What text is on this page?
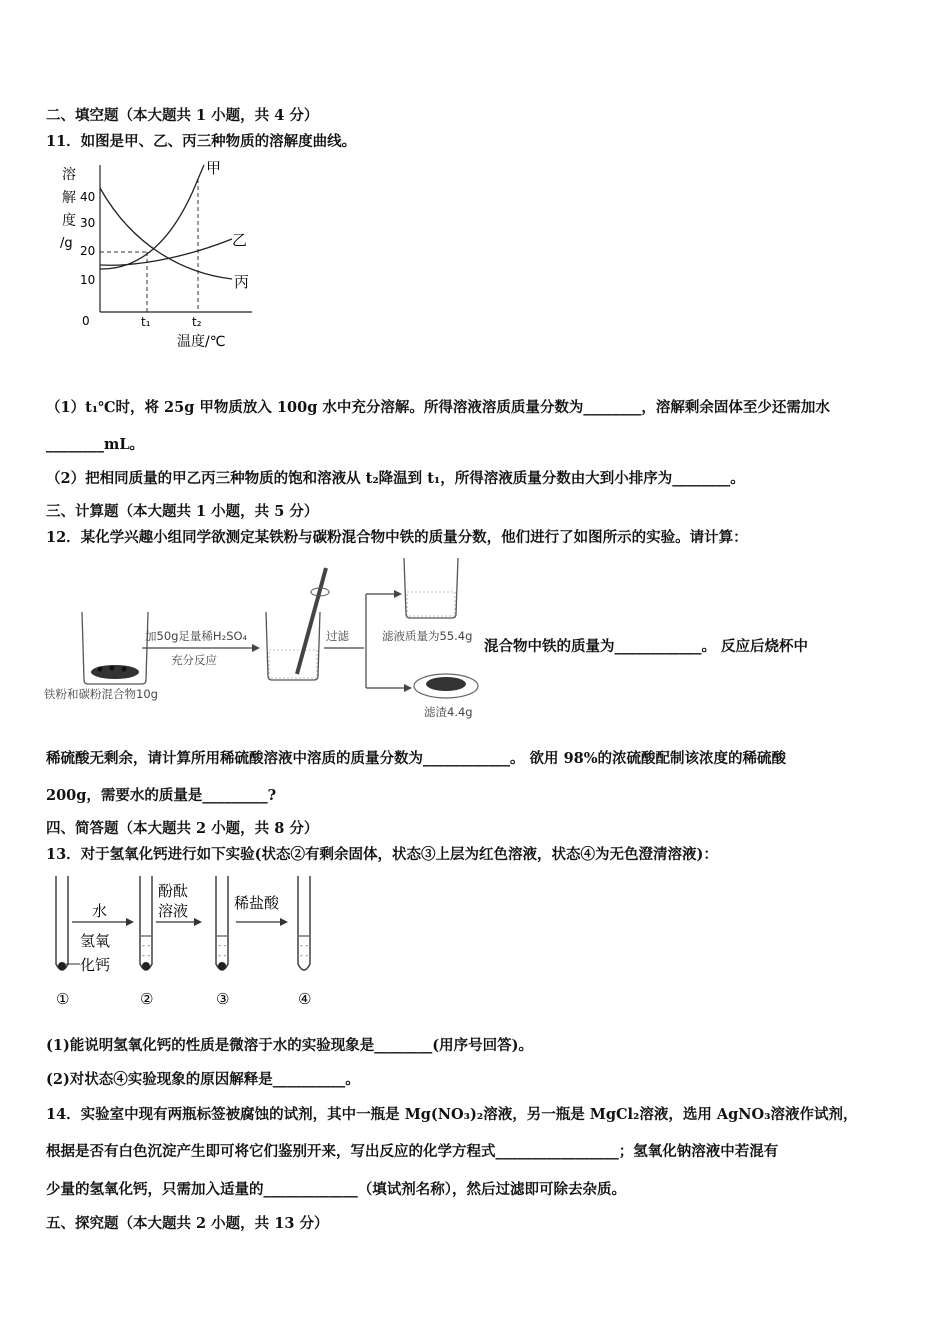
二、填空题（本大题共 1 小题，共 4 分）
11．如图是甲、乙、丙三种物质的溶解度曲线。
溶
解
度
/g
40
30
20
10
0
甲
乙
丙
t₁	t₂
温度/℃
（1）t₁℃时，将 25g 甲物质放入 100g 水中充分溶解。所得溶液溶质质量分数为________，溶解剩余固体至少还需加水
________mL。
（2）把相同质量的甲乙丙三种物质的饱和溶液从 t₂降温到 t₁，所得溶液质量分数由大到小排序为________。
三、计算题（本大题共 1 小题，共 5 分）
12．某化学兴趣小组同学欲测定某铁粉与碳粉混合物中铁的质量分数，他们进行了如图所示的实验。请计算：
铁粉和碳粉混合物10g
加50g足量稀H₂SO₄
充分反应
过滤	滤液质量为55.4g
滤渣4.4g
混合物中铁的质量为____________。 反应后烧杯中
稀硫酸无剩余，请计算所用稀硫酸溶液中溶质的质量分数为____________。 欲用 98%的浓硫酸配制该浓度的稀硫酸
200g，需要水的质量是_________?
四、简答题（本大题共 2 小题，共 8 分）
13．对于氢氧化钙进行如下实验(状态②有剩余固体，状态③上层为红色溶液，状态④为无色澄清溶液)：
水
氢氧
化钙
- -
- -
酚酞
溶液
- -
- -
稀盐酸
- -
- -
①	②	③	④
(1)能说明氢氧化钙的性质是微溶于水的实验现象是________(用序号回答)。
(2)对状态④实验现象的原因解释是__________。
14．实验室中现有两瓶标签被腐蚀的试剂，其中一瓶是 Mg(NO₃)₂溶液，另一瓶是 MgCl₂溶液，选用 AgNO₃溶液作试剂，
根据是否有白色沉淀产生即可将它们鉴别开来，写出反应的化学方程式_________________；氢氧化钠溶液中若混有
少量的氢氧化钙，只需加入适量的_____________（填试剂名称），然后过滤即可除去杂质。
五、探究题（本大题共 2 小题，共 13 分）
